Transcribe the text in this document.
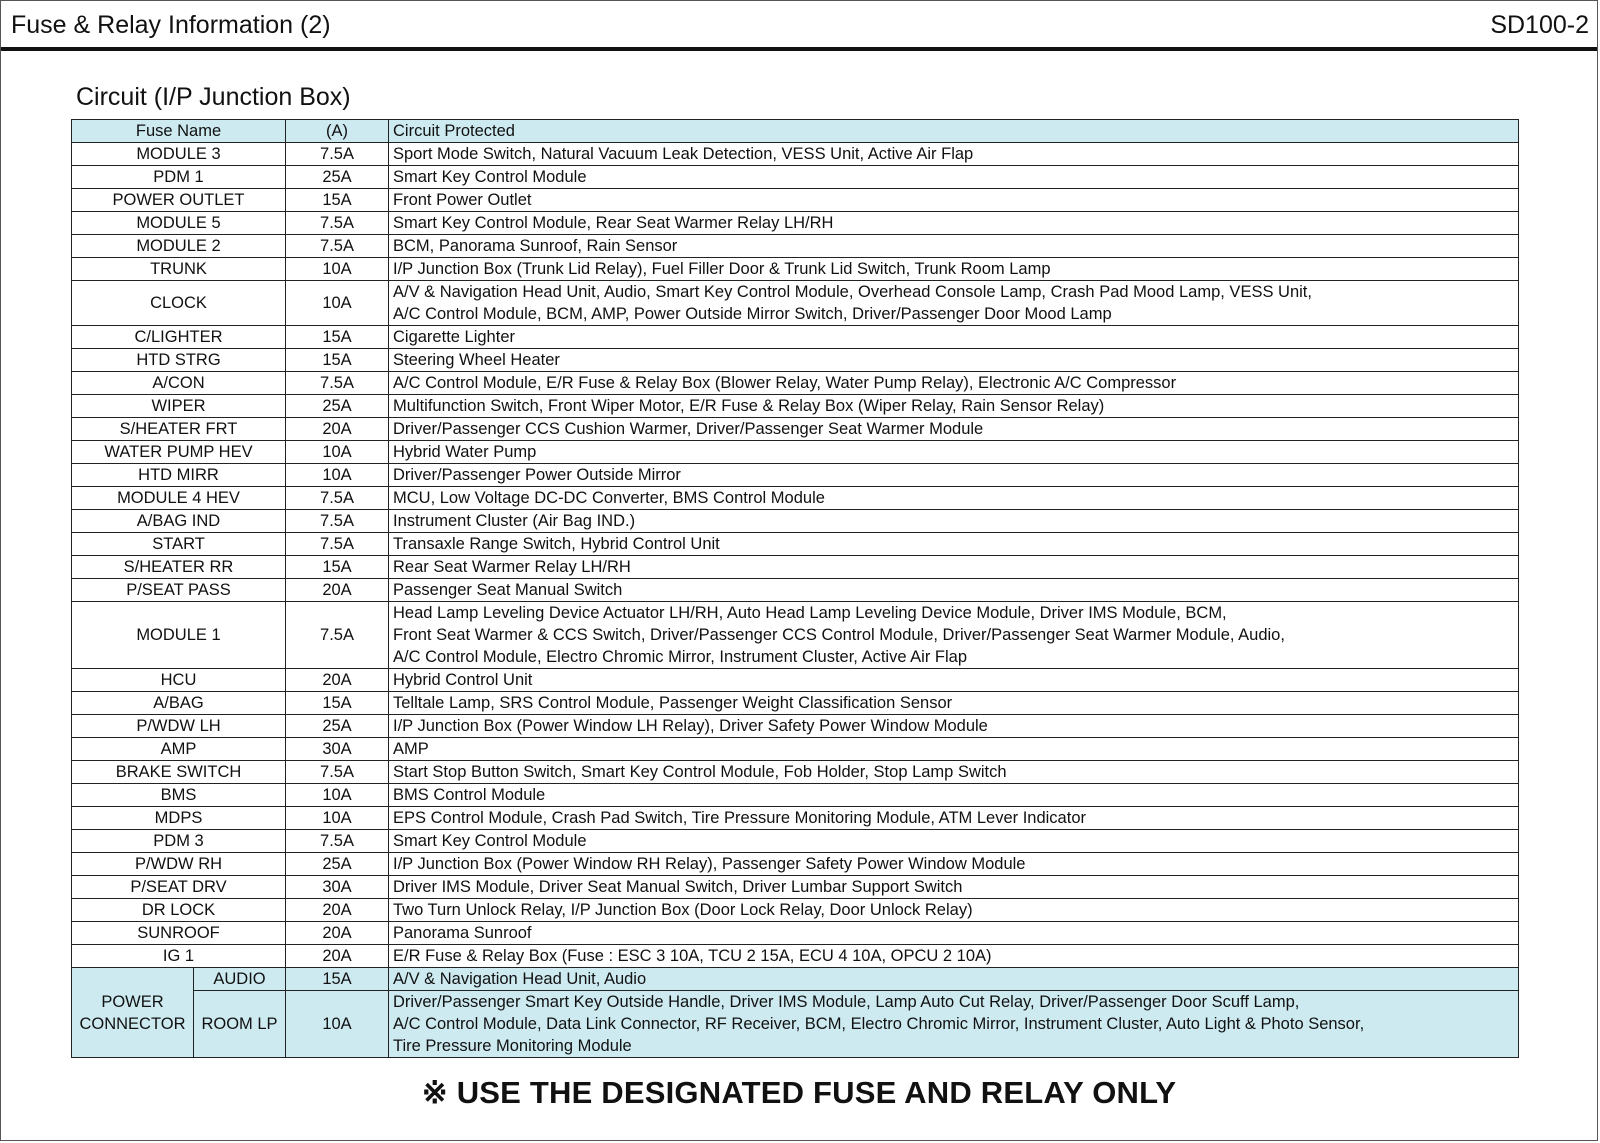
Fuse & Relay Information (2)	SD100-2
Circuit (I/P Junction Box)
Fuse Name		(A)	Circuit Protected
MODULE 3		7.5A	Sport Mode Switch, Natural Vacuum Leak Detection, VESS Unit, Active Air Flap

PDM 1		25A	Smart Key Control Module

POWER OUTLET		15A	Front Power Outlet

MODULE 5		7.5A	Smart Key Control Module, Rear Seat Warmer Relay LH/RH

MODULE 2		7.5A	BCM, Panorama Sunroof, Rain Sensor

TRUNK		10A	I/P Junction Box (Trunk Lid Relay), Fuel Filler Door & Trunk Lid Switch, Trunk Room Lamp

CLOCK		10A	A/V & Navigation Head Unit, Audio, Smart Key Control Module, Overhead Console Lamp, Crash Pad Mood Lamp, VESS Unit,
A/C Control Module, BCM, AMP, Power Outside Mirror Switch, Driver/Passenger Door Mood Lamp

C/LIGHTER		15A	Cigarette Lighter

HTD STRG		15A	Steering Wheel Heater

A/CON		7.5A	A/C Control Module, E/R Fuse & Relay Box (Blower Relay, Water Pump Relay), Electronic A/C Compressor

WIPER		25A	Multifunction Switch, Front Wiper Motor, E/R Fuse & Relay Box (Wiper Relay, Rain Sensor Relay)

S/HEATER FRT		20A	Driver/Passenger CCS Cushion Warmer, Driver/Passenger Seat Warmer Module

WATER PUMP HEV		10A	Hybrid Water Pump

HTD MIRR		10A	Driver/Passenger Power Outside Mirror

MODULE 4 HEV		7.5A	MCU, Low Voltage DC-DC Converter, BMS Control Module

A/BAG IND		7.5A	Instrument Cluster (Air Bag IND.)

START		7.5A	Transaxle Range Switch, Hybrid Control Unit

S/HEATER RR		15A	Rear Seat Warmer Relay LH/RH

P/SEAT PASS		20A	Passenger Seat Manual Switch

MODULE 1		7.5A	Head Lamp Leveling Device Actuator LH/RH, Auto Head Lamp Leveling Device Module, Driver IMS Module, BCM,
Front Seat Warmer & CCS Switch, Driver/Passenger CCS Control Module, Driver/Passenger Seat Warmer Module, Audio,
A/C Control Module, Electro Chromic Mirror, Instrument Cluster, Active Air Flap

HCU		20A	Hybrid Control Unit

A/BAG		15A	Telltale Lamp, SRS Control Module, Passenger Weight Classification Sensor

P/WDW LH		25A	I/P Junction Box (Power Window LH Relay), Driver Safety Power Window Module

AMP		30A	AMP

BRAKE SWITCH		7.5A	Start Stop Button Switch, Smart Key Control Module, Fob Holder, Stop Lamp Switch

BMS		10A	BMS Control Module

MDPS		10A	EPS Control Module, Crash Pad Switch, Tire Pressure Monitoring Module, ATM Lever Indicator

PDM 3		7.5A	Smart Key Control Module

P/WDW RH		25A	I/P Junction Box (Power Window RH Relay), Passenger Safety Power Window Module

P/SEAT DRV		30A	Driver IMS Module, Driver Seat Manual Switch, Driver Lumbar Support Switch

DR LOCK		20A	Two Turn Unlock Relay, I/P Junction Box (Door Lock Relay, Door Unlock Relay)

SUNROOF		20A	Panorama Sunroof

IG 1		20A	E/R Fuse & Relay Box (Fuse : ESC 3 10A, TCU 2 15A, ECU 4 10A, OPCU 2 10A)

POWER
CONNECTOR	AUDIO	15A	A/V & Navigation Head Unit, Audio

	ROOM LP	10A	Driver/Passenger Smart Key Outside Handle, Driver IMS Module, Lamp Auto Cut Relay, Driver/Passenger Door Scuff Lamp,
A/C Control Module, Data Link Connector, RF Receiver, BCM, Electro Chromic Mirror, Instrument Cluster, Auto Light & Photo Sensor,
Tire Pressure Monitoring Module
※ USE THE DESIGNATED FUSE AND RELAY ONLY
